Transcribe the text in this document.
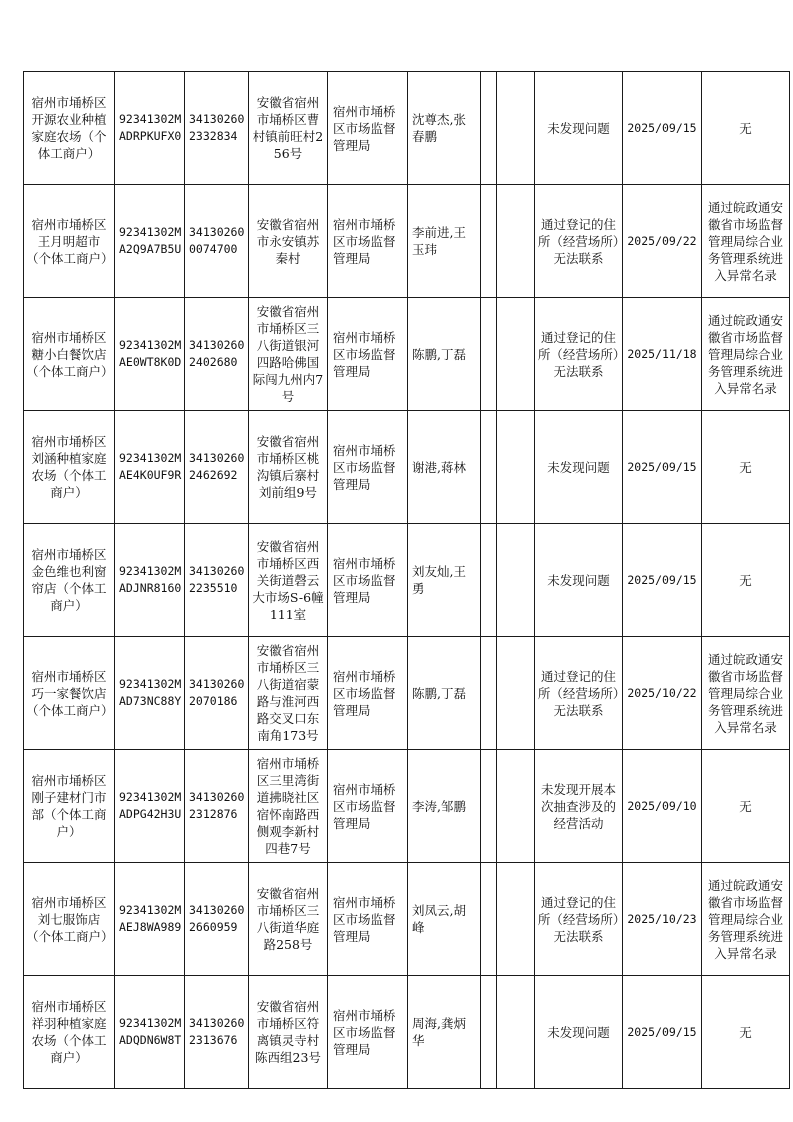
宿州市埇桥区开源农业种植家庭农场（个体工商户）	92341302MADRPKUFX0	341302602332834	安徽省宿州市埇桥区曹村镇前旺村256号	宿州市埇桥区市场监督管理局	沈尊杰,张春鹏			未发现问题	2025/09/15	无
宿州市埇桥区王月明超市（个体工商户）	92341302MA2Q9A7B5U	341302600074700	安徽省宿州市永安镇苏秦村	宿州市埇桥区市场监督管理局	李前进,王玉玮			通过登记的住所（经营场所）无法联系	2025/09/22	通过皖政通安徽省市场监督管理局综合业务管理系统进入异常名录
宿州市埇桥区糖小白餐饮店（个体工商户）	92341302MAE0WT8K0D	341302602402680	安徽省宿州市埇桥区三八街道银河四路哈佛国际闯九州内7号	宿州市埇桥区市场监督管理局	陈鹏,丁磊			通过登记的住所（经营场所）无法联系	2025/11/18	通过皖政通安徽省市场监督管理局综合业务管理系统进入异常名录
宿州市埇桥区刘涵种植家庭农场（个体工商户）	92341302MAE4K0UF9R	341302602462692	安徽省宿州市埇桥区桃沟镇后寨村刘前组9号	宿州市埇桥区市场监督管理局	谢港,蒋林			未发现问题	2025/09/15	无
宿州市埇桥区金色维也利窗帘店（个体工商户）	92341302MADJNR8160	341302602235510	安徽省宿州市埇桥区西关街道磬云大市场S-6幢111室	宿州市埇桥区市场监督管理局	刘友灿,王勇			未发现问题	2025/09/15	无
宿州市埇桥区巧一家餐饮店（个体工商户）	92341302MAD73NC88Y	341302602070186	安徽省宿州市埇桥区三八街道宿蒙路与淮河西路交叉口东南角173号	宿州市埇桥区市场监督管理局	陈鹏,丁磊			通过登记的住所（经营场所）无法联系	2025/10/22	通过皖政通安徽省市场监督管理局综合业务管理系统进入异常名录
宿州市埇桥区刚子建材门市部（个体工商户）	92341302MADPG42H3U	341302602312876	宿州市埇桥区三里湾街道拂晓社区宿怀南路西侧观李新村四巷7号	宿州市埇桥区市场监督管理局	李涛,邹鹏			未发现开展本次抽查涉及的经营活动	2025/09/10	无
宿州市埇桥区刘七服饰店（个体工商户）	92341302MAEJ8WA989	341302602660959	安徽省宿州市埇桥区三八街道华庭路258号	宿州市埇桥区市场监督管理局	刘凤云,胡峰			通过登记的住所（经营场所）无法联系	2025/10/23	通过皖政通安徽省市场监督管理局综合业务管理系统进入异常名录
宿州市埇桥区祥羽种植家庭农场（个体工商户）	92341302MADQDN6W8T	341302602313676	安徽省宿州市埇桥区符离镇灵寺村陈西组23号	宿州市埇桥区市场监督管理局	周海,龚炳华			未发现问题	2025/09/15	无
